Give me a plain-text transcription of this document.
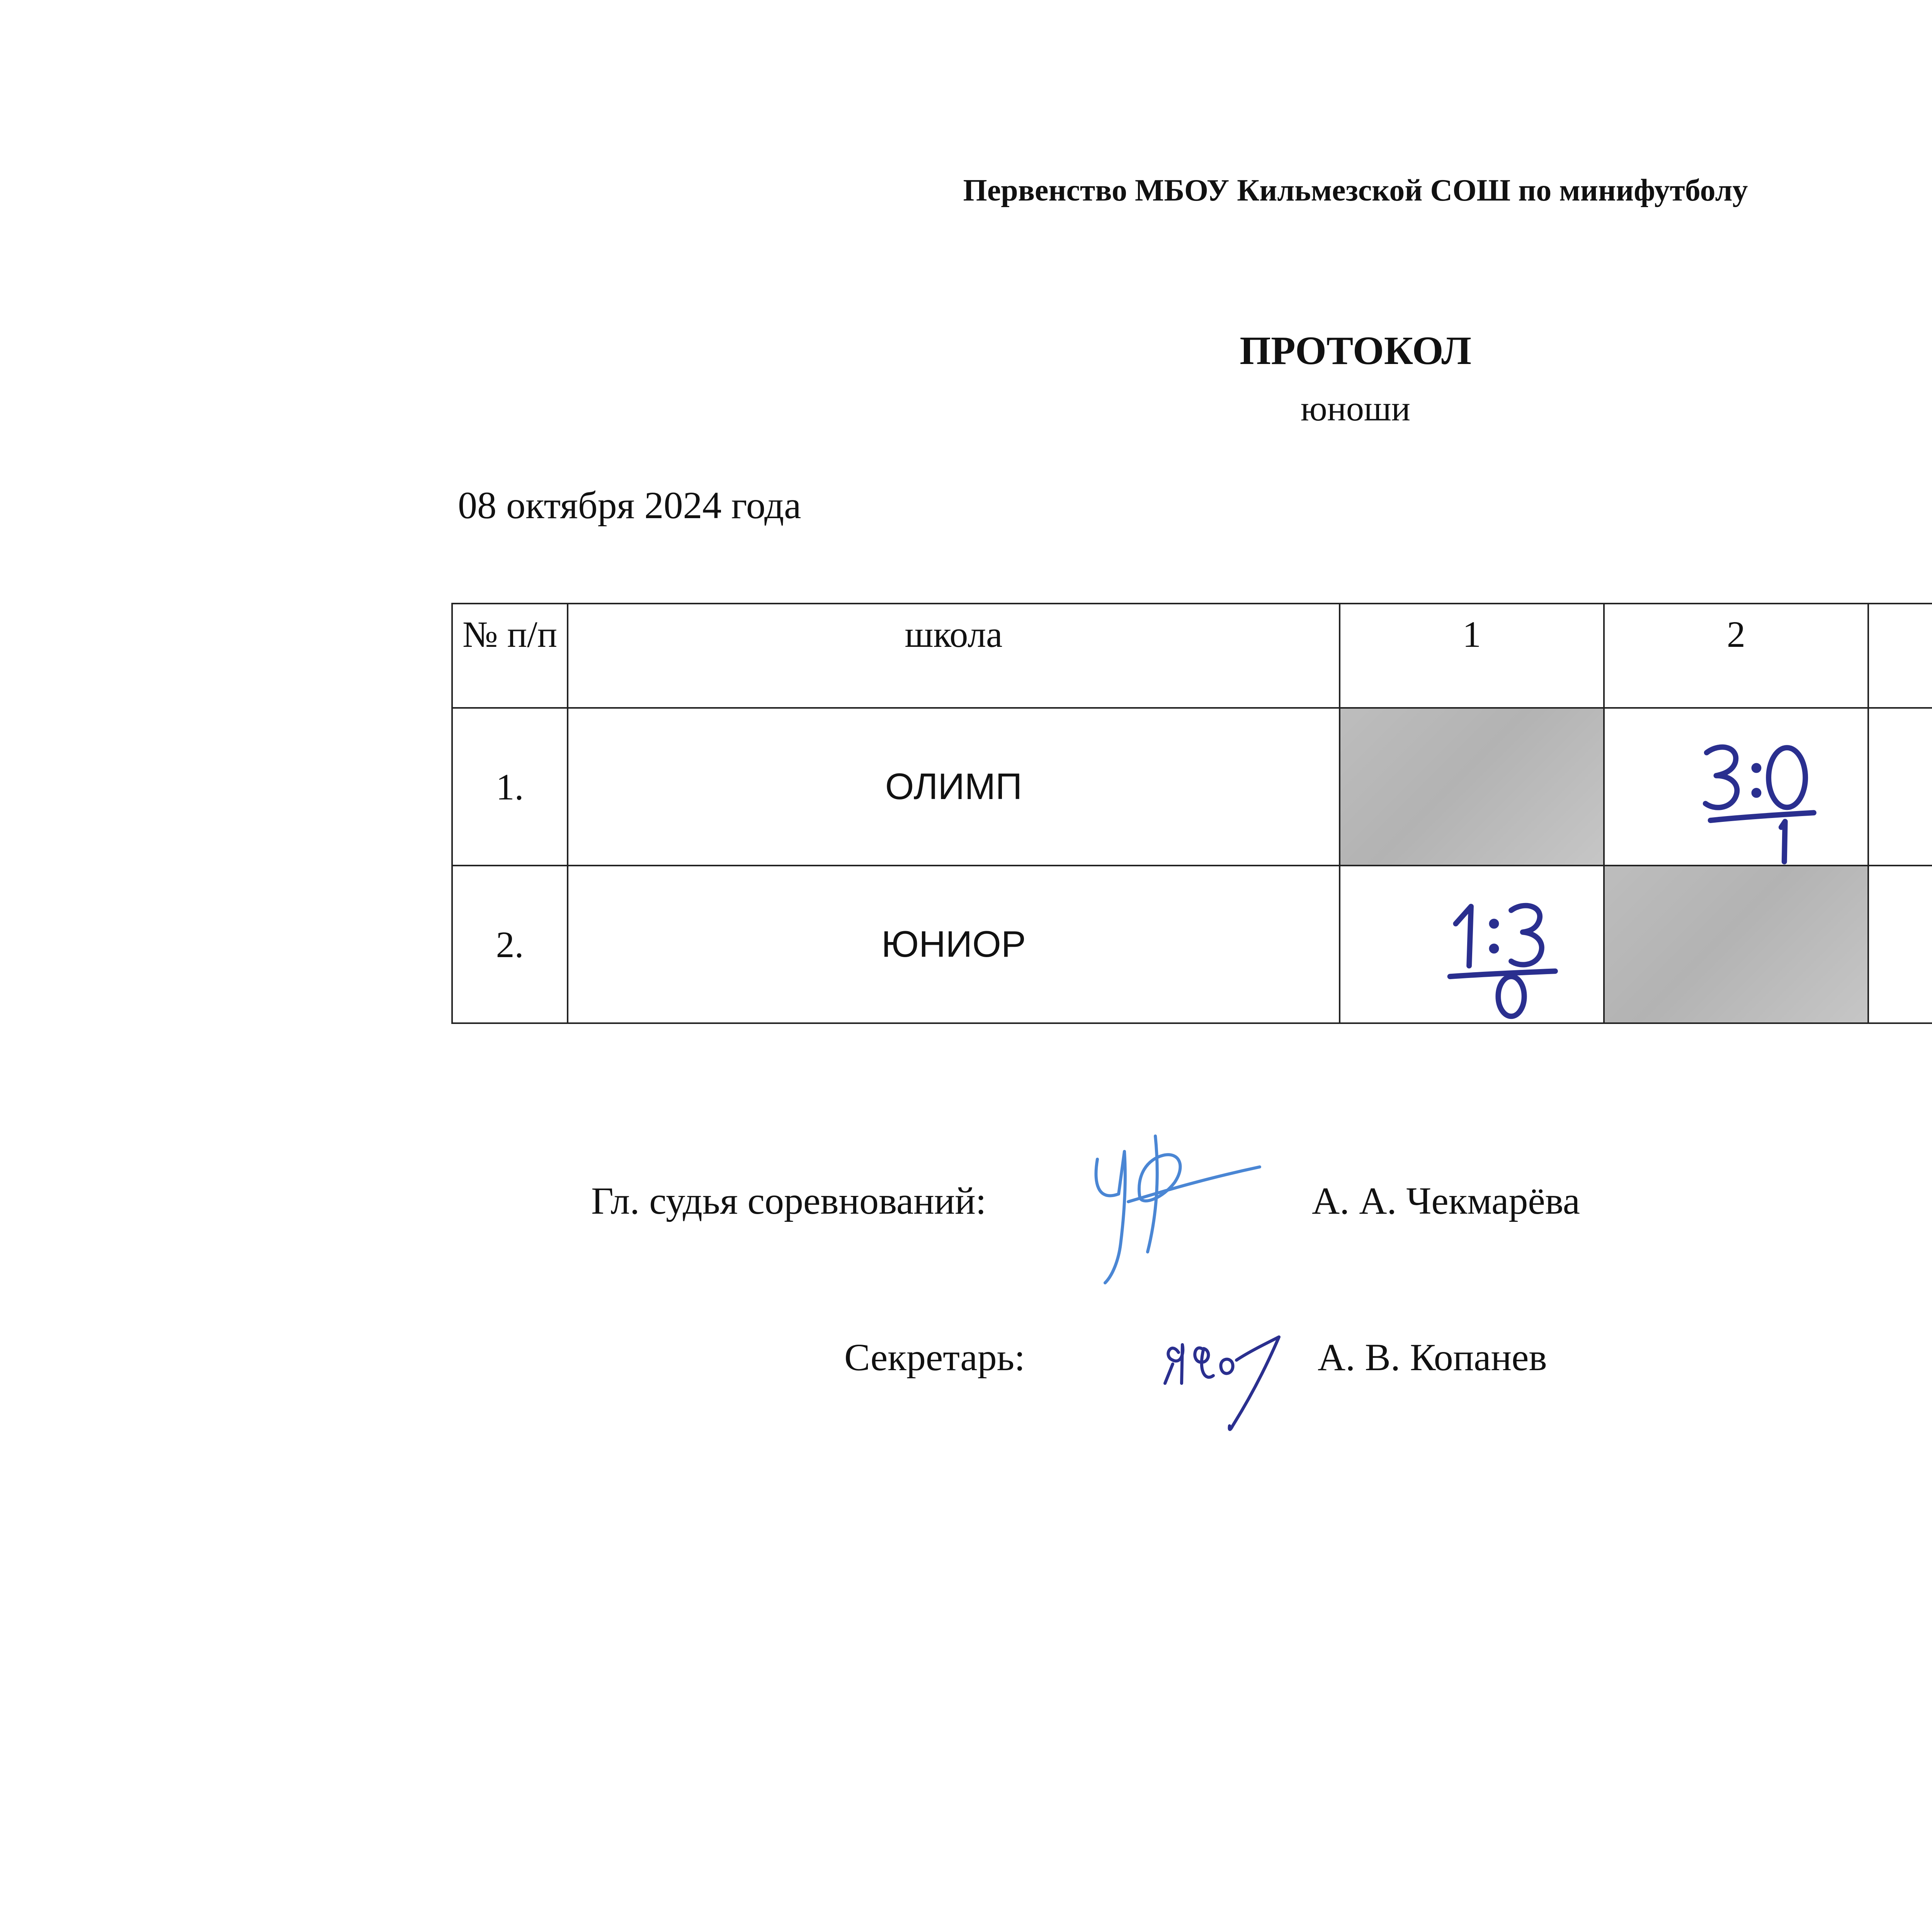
Первенство МБОУ Кильмезской СОШ по минифутболу
ПРОТОКОЛ
юноши
08 октября 2024 года
№ п/п	школа	1	2		
1.	ОЛИМП		3:0

2.	ЮНИОР	1:3

Гл. судья соревнований:	А. А. Чекмарёва
Секретарь:	А. В. Копанев
